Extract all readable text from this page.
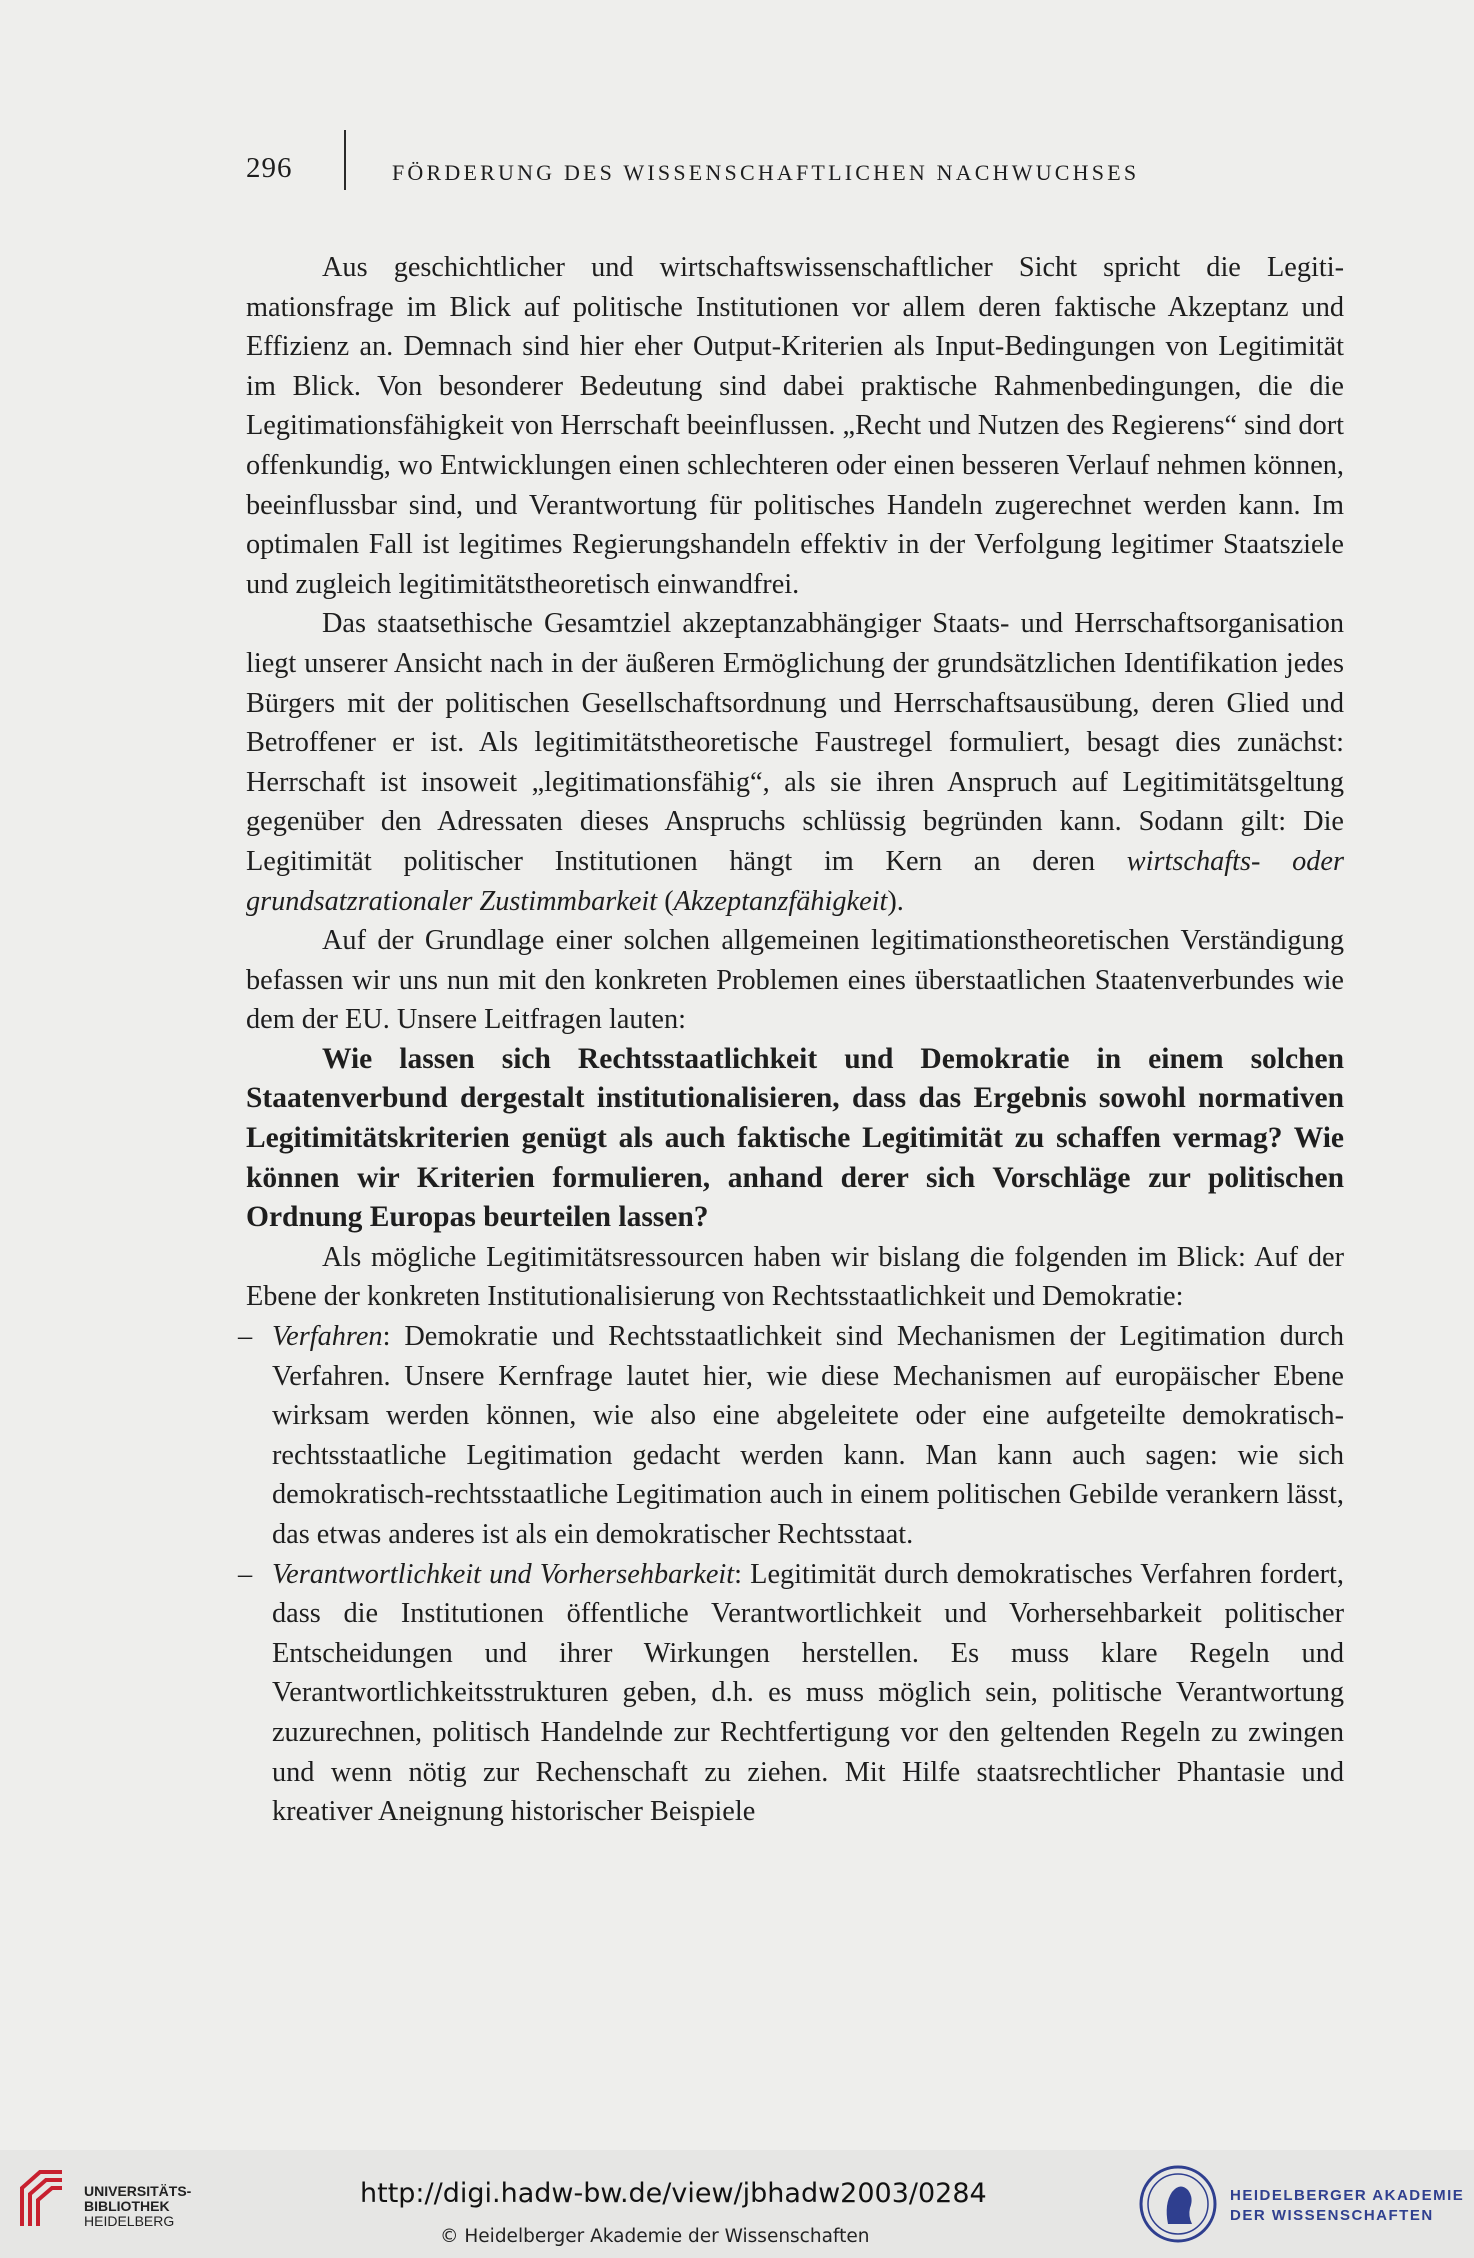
296	FÖRDERUNG DES WISSENSCHAFTLICHEN NACHWUCHSES

Aus geschichtlicher und wirtschaftswissenschaftlicher Sicht spricht die Legitimationsfrage im Blick auf politische Institutionen vor allem deren faktische Akzeptanz und Effizienz an. Demnach sind hier eher Output-Kriterien als Input-Bedingungen von Legitimität im Blick. Von besonderer Bedeutung sind dabei praktische Rahmenbedingungen, die die Legitimationsfähigkeit von Herrschaft beeinflussen. „Recht und Nutzen des Regierens“ sind dort offenkundig, wo Entwicklungen einen schlechteren oder einen besseren Verlauf nehmen können, beeinflussbar sind, und Verantwortung für politisches Handeln zugerechnet werden kann. Im optimalen Fall ist legitimes Regierungshandeln effektiv in der Verfolgung legitimer Staatsziele und zugleich legitimitätstheoretisch einwandfrei.

Das staatsethische Gesamtziel akzeptanzabhängiger Staats- und Herrschaftsorganisation liegt unserer Ansicht nach in der äußeren Ermöglichung der grundsätzlichen Identifikation jedes Bürgers mit der politischen Gesellschaftsordnung und Herrschaftsausübung, deren Glied und Betroffener er ist. Als legitimitätstheoretische Faustregel formuliert, besagt dies zunächst: Herrschaft ist insoweit „legitimationsfähig“, als sie ihren Anspruch auf Legitimitätsgeltung gegenüber den Adressaten dieses Anspruchs schlüssig begründen kann. Sodann gilt: Die Legitimität politischer Institutionen hängt im Kern an deren wirtschafts- oder grundsatzrationaler Zustimmbarkeit (Akzeptanzfähigkeit).

Auf der Grundlage einer solchen allgemeinen legitimationstheoretischen Verständigung befassen wir uns nun mit den konkreten Problemen eines überstaatlichen Staatenverbundes wie dem der EU. Unsere Leitfragen lauten:

Wie lassen sich Rechtsstaatlichkeit und Demokratie in einem solchen Staatenverbund dergestalt institutionalisieren, dass das Ergebnis sowohl normativen Legitimitätskriterien genügt als auch faktische Legitimität zu schaffen vermag? Wie können wir Kriterien formulieren, anhand derer sich Vorschläge zur politischen Ordnung Europas beurteilen lassen?

Als mögliche Legitimitätsressourcen haben wir bislang die folgenden im Blick: Auf der Ebene der konkreten Institutionalisierung von Rechtsstaatlichkeit und Demokratie:

– Verfahren: Demokratie und Rechtsstaatlichkeit sind Mechanismen der Legitimation durch Verfahren. Unsere Kernfrage lautet hier, wie diese Mechanismen auf europäischer Ebene wirksam werden können, wie also eine abgeleitete oder eine aufgeteilte demokratisch-rechtsstaatliche Legitimation gedacht werden kann. Man kann auch sagen: wie sich demokratisch-rechtsstaatliche Legitimation auch in einem politischen Gebilde verankern lässt, das etwas anderes ist als ein demokratischer Rechtsstaat.
– Verantwortlichkeit und Vorhersehbarkeit: Legitimität durch demokratisches Verfahren fordert, dass die Institutionen öffentliche Verantwortlichkeit und Vorhersehbarkeit politischer Entscheidungen und ihrer Wirkungen herstellen. Es muss klare Regeln und Verantwortlichkeitsstrukturen geben, d.h. es muss möglich sein, politische Verantwortung zuzurechnen, politisch Handelnde zur Rechtfertigung vor den geltenden Regeln zu zwingen und wenn nötig zur Rechenschaft zu ziehen. Mit Hilfe staatsrechtlicher Phantasie und kreativer Aneignung historischer Beispiele
UNIVERSITÄTS-
BIBLIOTHEK
HEIDELBERG
http://digi.hadw-bw.de/view/jbhadw2003/0284
© Heidelberger Akademie der Wissenschaften
HEIDELBERGER AKADEMIE
DER WISSENSCHAFTEN
